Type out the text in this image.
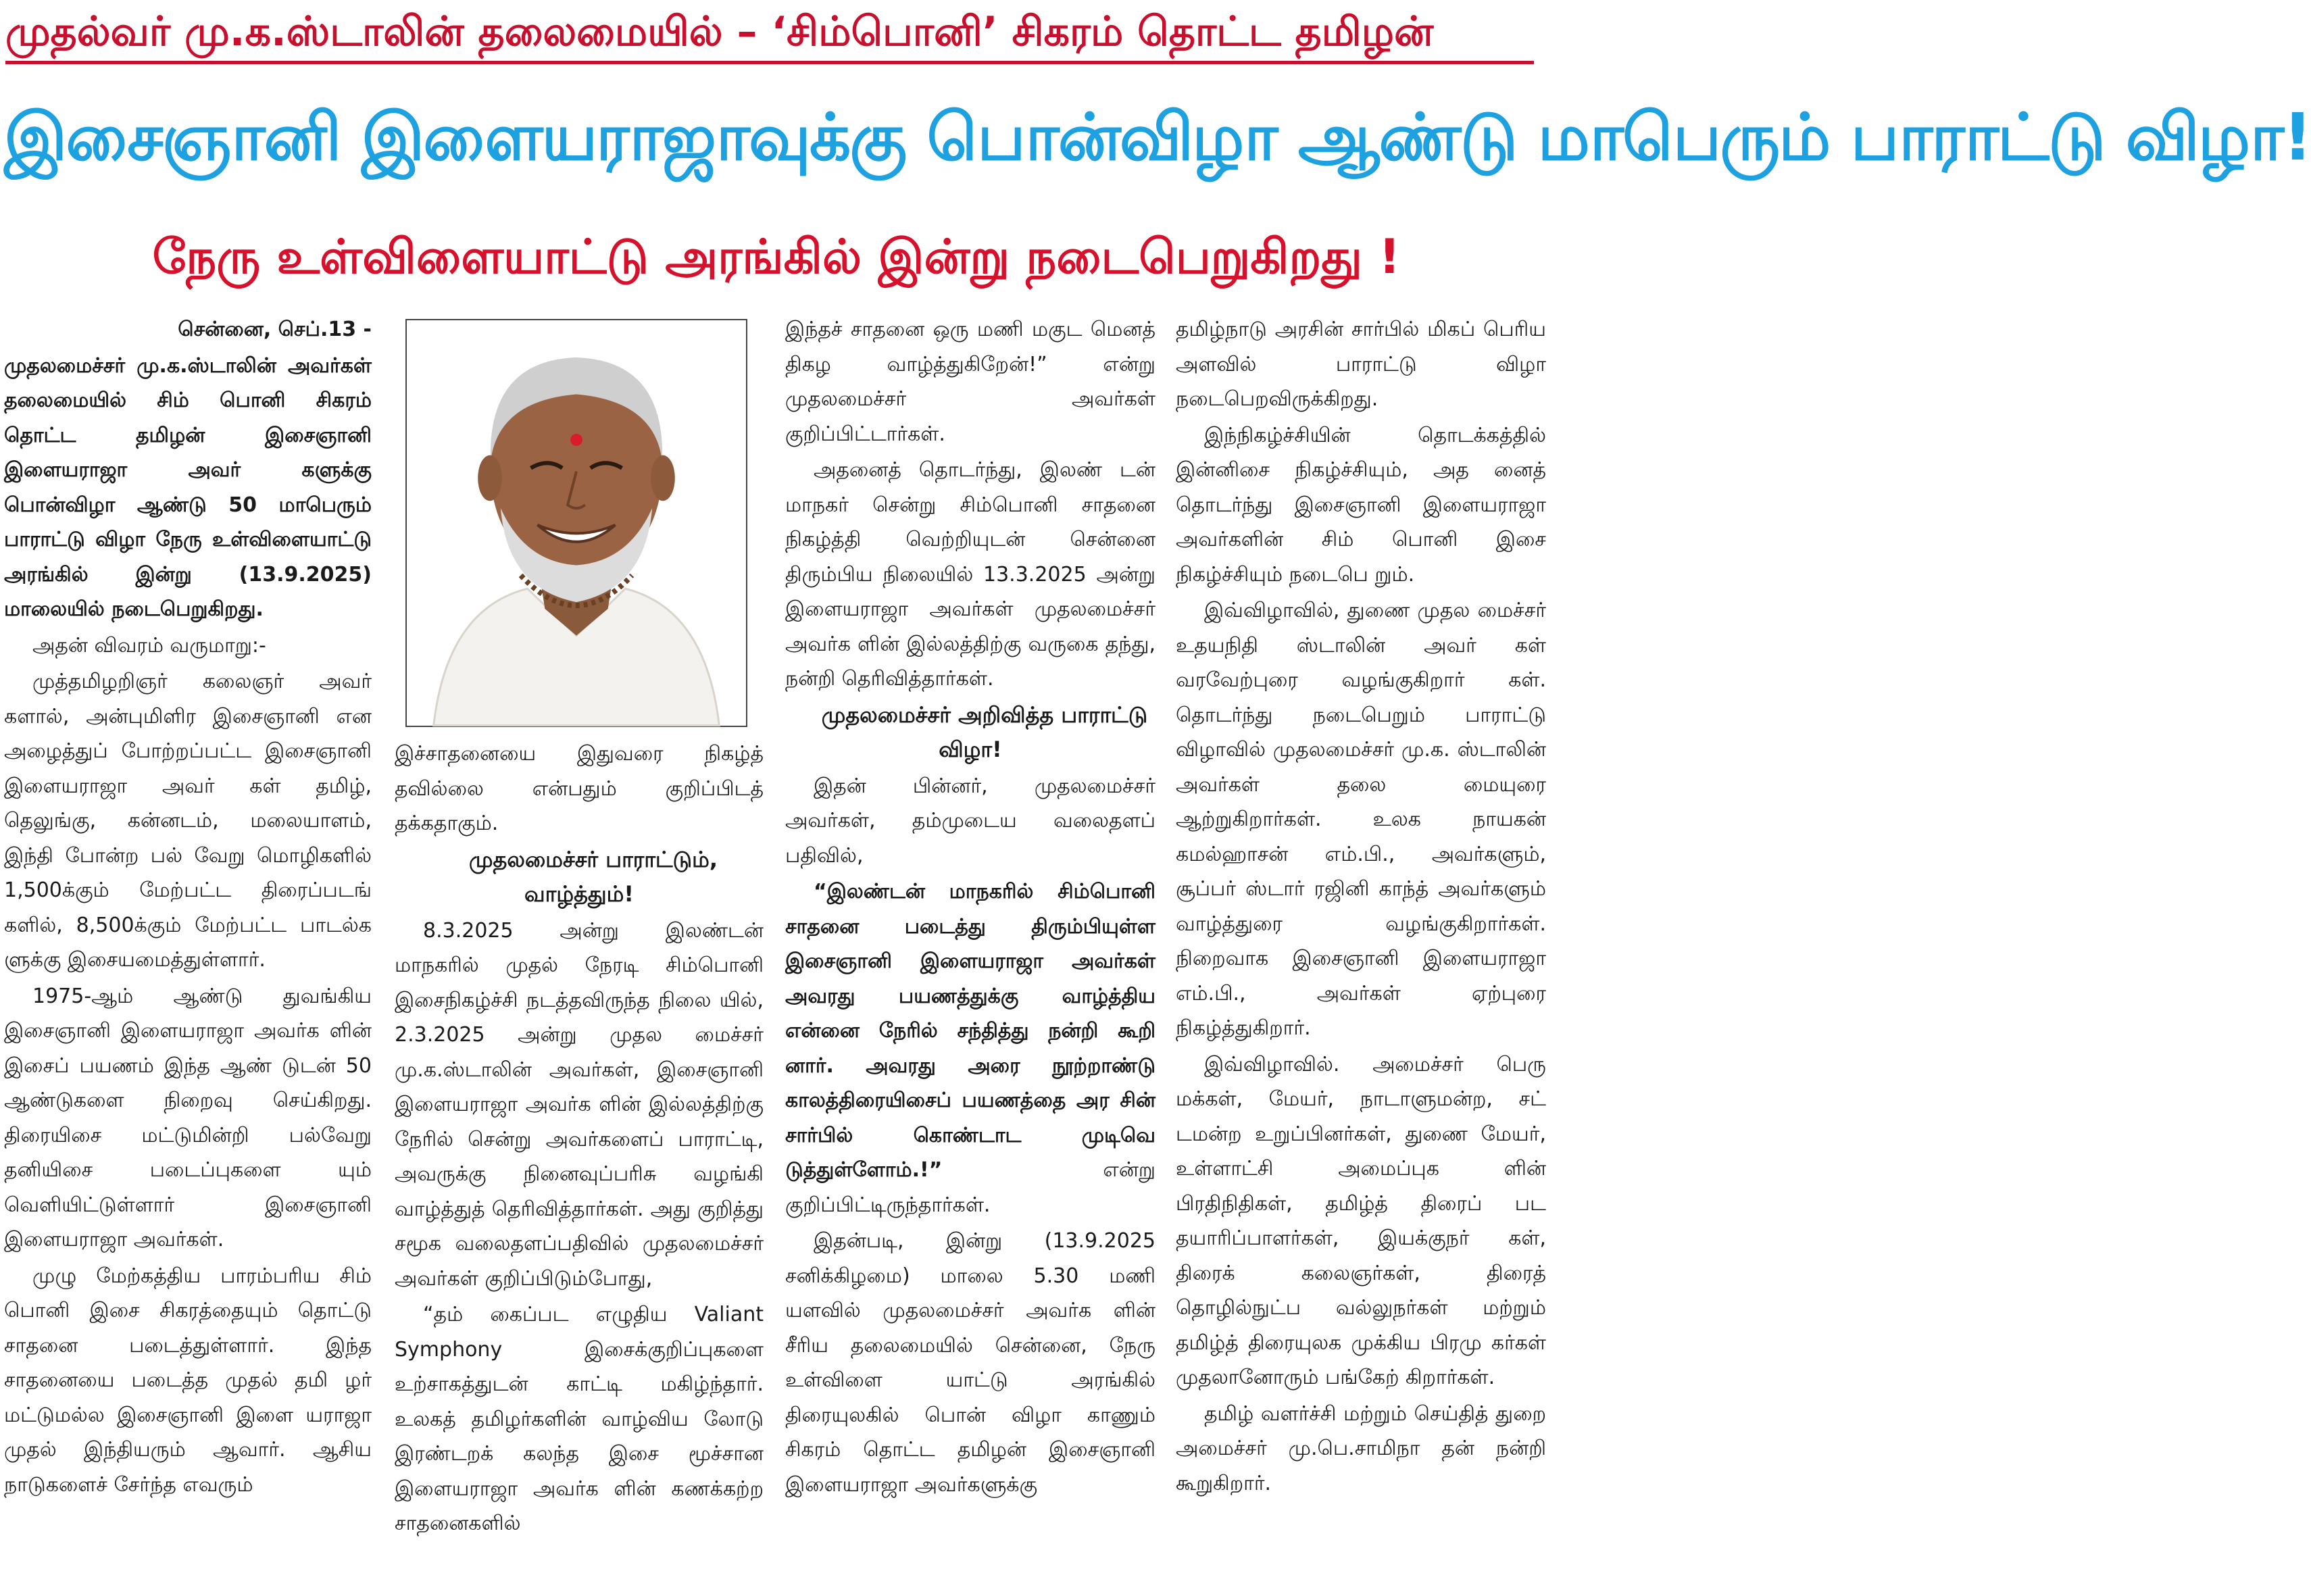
முதல்வர் மு.க.ஸ்டாலின் தலைமையில் – ‘சிம்பொனி’ சிகரம் தொட்ட தமிழன்
இசைஞானி இளையராஜாவுக்கு பொன்விழா ஆண்டு மாபெரும் பாராட்டு விழா!
நேரு உள்விளையாட்டு அரங்கில் இன்று நடைபெறுகிறது !

சென்னை, செப்.13 -

முதலமைச்சர் மு.க.ஸ்டாலின் அவர்கள் தலைமையில் சிம் பொனி சிகரம் தொட்ட தமிழன் இசைஞானி இளையராஜா அவர் களுக்கு பொன்விழா ஆண்டு 50 மாபெரும் பாராட்டு விழா நேரு உள்விளையாட்டு அரங்கில் இன்று (13.9.2025) மாலையில் நடைபெறுகிறது.

அதன் விவரம் வருமாறு:-

முத்தமிழறிஞர் கலைஞர் அவர் களால், அன்புமிளிர இசைஞானி என அழைத்துப் போற்றப்பட்ட இசைஞானி இளையராஜா அவர் கள் தமிழ், தெலுங்கு, கன்னடம், மலையாளம், இந்தி போன்ற பல் வேறு மொழிகளில் 1,500க்கும் மேற்பட்ட திரைப்படங் களில், 8,500க்கும் மேற்பட்ட பாடல்க ளுக்கு இசையமைத்துள்ளார்.

1975-ஆம் ஆண்டு துவங்கிய இசைஞானி இளையராஜா அவர்க ளின் இசைப் பயணம் இந்த ஆண் டுடன் 50 ஆண்டுகளை நிறைவு செய்கிறது. திரையிசை மட்டுமின்றி பல்வேறு தனியிசை படைப்புகளை யும் வெளியிட்டுள்ளார் இசைஞானி இளையராஜா அவர்கள்.

முழு மேற்கத்திய பாரம்பரிய சிம் பொனி இசை சிகரத்தையும் தொட்டு சாதனை படைத்துள்ளார். இந்த சாதனையை படைத்த முதல் தமி ழர் மட்டுமல்ல இசைஞானி இளை யராஜா முதல் இந்தியரும் ஆவார். ஆசிய நாடுகளைச் சேர்ந்த எவரும்

இச்சாதனையை இதுவரை நிகழ்த் தவில்லை என்பதும் குறிப்பிடத் தக்கதாகும்.

முதலமைச்சர் பாராட்டும், வாழ்த்தும்!

8.3.2025 அன்று இலண்டன் மாநகரில் முதல் நேரடி சிம்பொனி இசைநிகழ்ச்சி நடத்தவிருந்த நிலை யில், 2.3.2025 அன்று முதல மைச்சர் மு.க.ஸ்டாலின் அவர்கள், இசைஞானி இளையராஜா அவர்க ளின் இல்லத்திற்கு நேரில் சென்று அவர்களைப் பாராட்டி, அவருக்கு நினைவுப்பரிசு வழங்கி வாழ்த்துத் தெரிவித்தார்கள். அது குறித்து சமூக வலைதளப்பதிவில் முதலமைச்சர் அவர்கள் குறிப்பிடும்போது,

“தம் கைப்பட எழுதிய Valiant Symphony இசைக்குறிப்புகளை உற்சாகத்துடன் காட்டி மகிழ்ந்தார். உலகத் தமிழர்களின் வாழ்விய லோடு இரண்டறக் கலந்த இசை மூச்சான இளையராஜா அவர்க ளின் கணக்கற்ற சாதனைகளில்

இந்தச் சாதனை ஒரு மணி மகுட மெனத் திகழ வாழ்த்துகிறேன்!” என்று முதலமைச்சர் அவர்கள் குறிப்பிட்டார்கள்.

அதனைத் தொடர்ந்து, இலண் டன் மாநகர் சென்று சிம்பொனி சாதனை நிகழ்த்தி வெற்றியுடன் சென்னை திரும்பிய நிலையில் 13.3.2025 அன்று இளையராஜா அவர்கள் முதலமைச்சர் அவர்க ளின் இல்லத்திற்கு வருகை தந்து, நன்றி தெரிவித்தார்கள்.

முதலமைச்சர் அறிவித்த பாராட்டு விழா!

இதன் பின்னர், முதலமைச்சர் அவர்கள், தம்முடைய வலைதளப் பதிவில்,

“இலண்டன் மாநகரில் சிம்பொனி சாதனை படைத்து திரும்பியுள்ள இசைஞானி இளையராஜா அவர்கள் அவரது பயணத்துக்கு வாழ்த்திய என்னை நேரில் சந்தித்து நன்றி கூறி னார். அவரது அரை நூற்றாண்டு காலத்திரையிசைப் பயணத்தை அர சின் சார்பில் கொண்டாட முடிவெ டுத்துள்ளோம்.!” என்று குறிப்பிட்டிருந்தார்கள்.

இதன்படி, இன்று (13.9.2025 சனிக்கிழமை) மாலை 5.30 மணி யளவில் முதலமைச்சர் அவர்க ளின் சீரிய தலைமையில் சென்னை, நேரு உள்விளை யாட்டு அரங்கில் திரையுலகில் பொன் விழா காணும் சிகரம் தொட்ட தமிழன் இசைஞானி இளையராஜா அவர்களுக்கு

தமிழ்நாடு அரசின் சார்பில் மிகப் பெரிய அளவில் பாராட்டு விழா நடைபெறவிருக்கிறது.

இந்நிகழ்ச்சியின் தொடக்கத்தில் இன்னிசை நிகழ்ச்சியும், அத னைத் தொடர்ந்து இசைஞானி இளையராஜா அவர்களின் சிம் பொனி இசை நிகழ்ச்சியும் நடைபெ றும்.

இவ்விழாவில், துணை முதல மைச்சர் உதயநிதி ஸ்டாலின் அவர் கள் வரவேற்புரை வழங்குகிறார் கள். தொடர்ந்து நடைபெறும் பாராட்டு விழாவில் முதலமைச்சர் மு.க. ஸ்டாலின் அவர்கள் தலை மையுரை ஆற்றுகிறார்கள். உலக நாயகன் கமல்ஹாசன் எம்.பி., அவர்களும், சூப்பர் ஸ்டார் ரஜினி காந்த் அவர்களும் வாழ்த்துரை வழங்குகிறார்கள். நிறைவாக இசைஞானி இளையராஜா எம்.பி., அவர்கள் ஏற்புரை நிகழ்த்துகிறார்.

இவ்விழாவில். அமைச்சர் பெரு மக்கள், மேயர், நாடாளுமன்ற, சட் டமன்ற உறுப்பினர்கள், துணை மேயர், உள்ளாட்சி அமைப்புக ளின் பிரதிநிதிகள், தமிழ்த் திரைப் பட தயாரிப்பாளர்கள், இயக்குநர் கள், திரைக் கலைஞர்கள், திரைத் தொழில்நுட்ப வல்லுநர்கள் மற்றும் தமிழ்த் திரையுலக முக்கிய பிரமு கர்கள் முதலானோரும் பங்கேற் கிறார்கள்.

தமிழ் வளர்ச்சி மற்றும் செய்தித் துறை அமைச்சர் மு.பெ.சாமிநா தன் நன்றி கூறுகிறார்.
